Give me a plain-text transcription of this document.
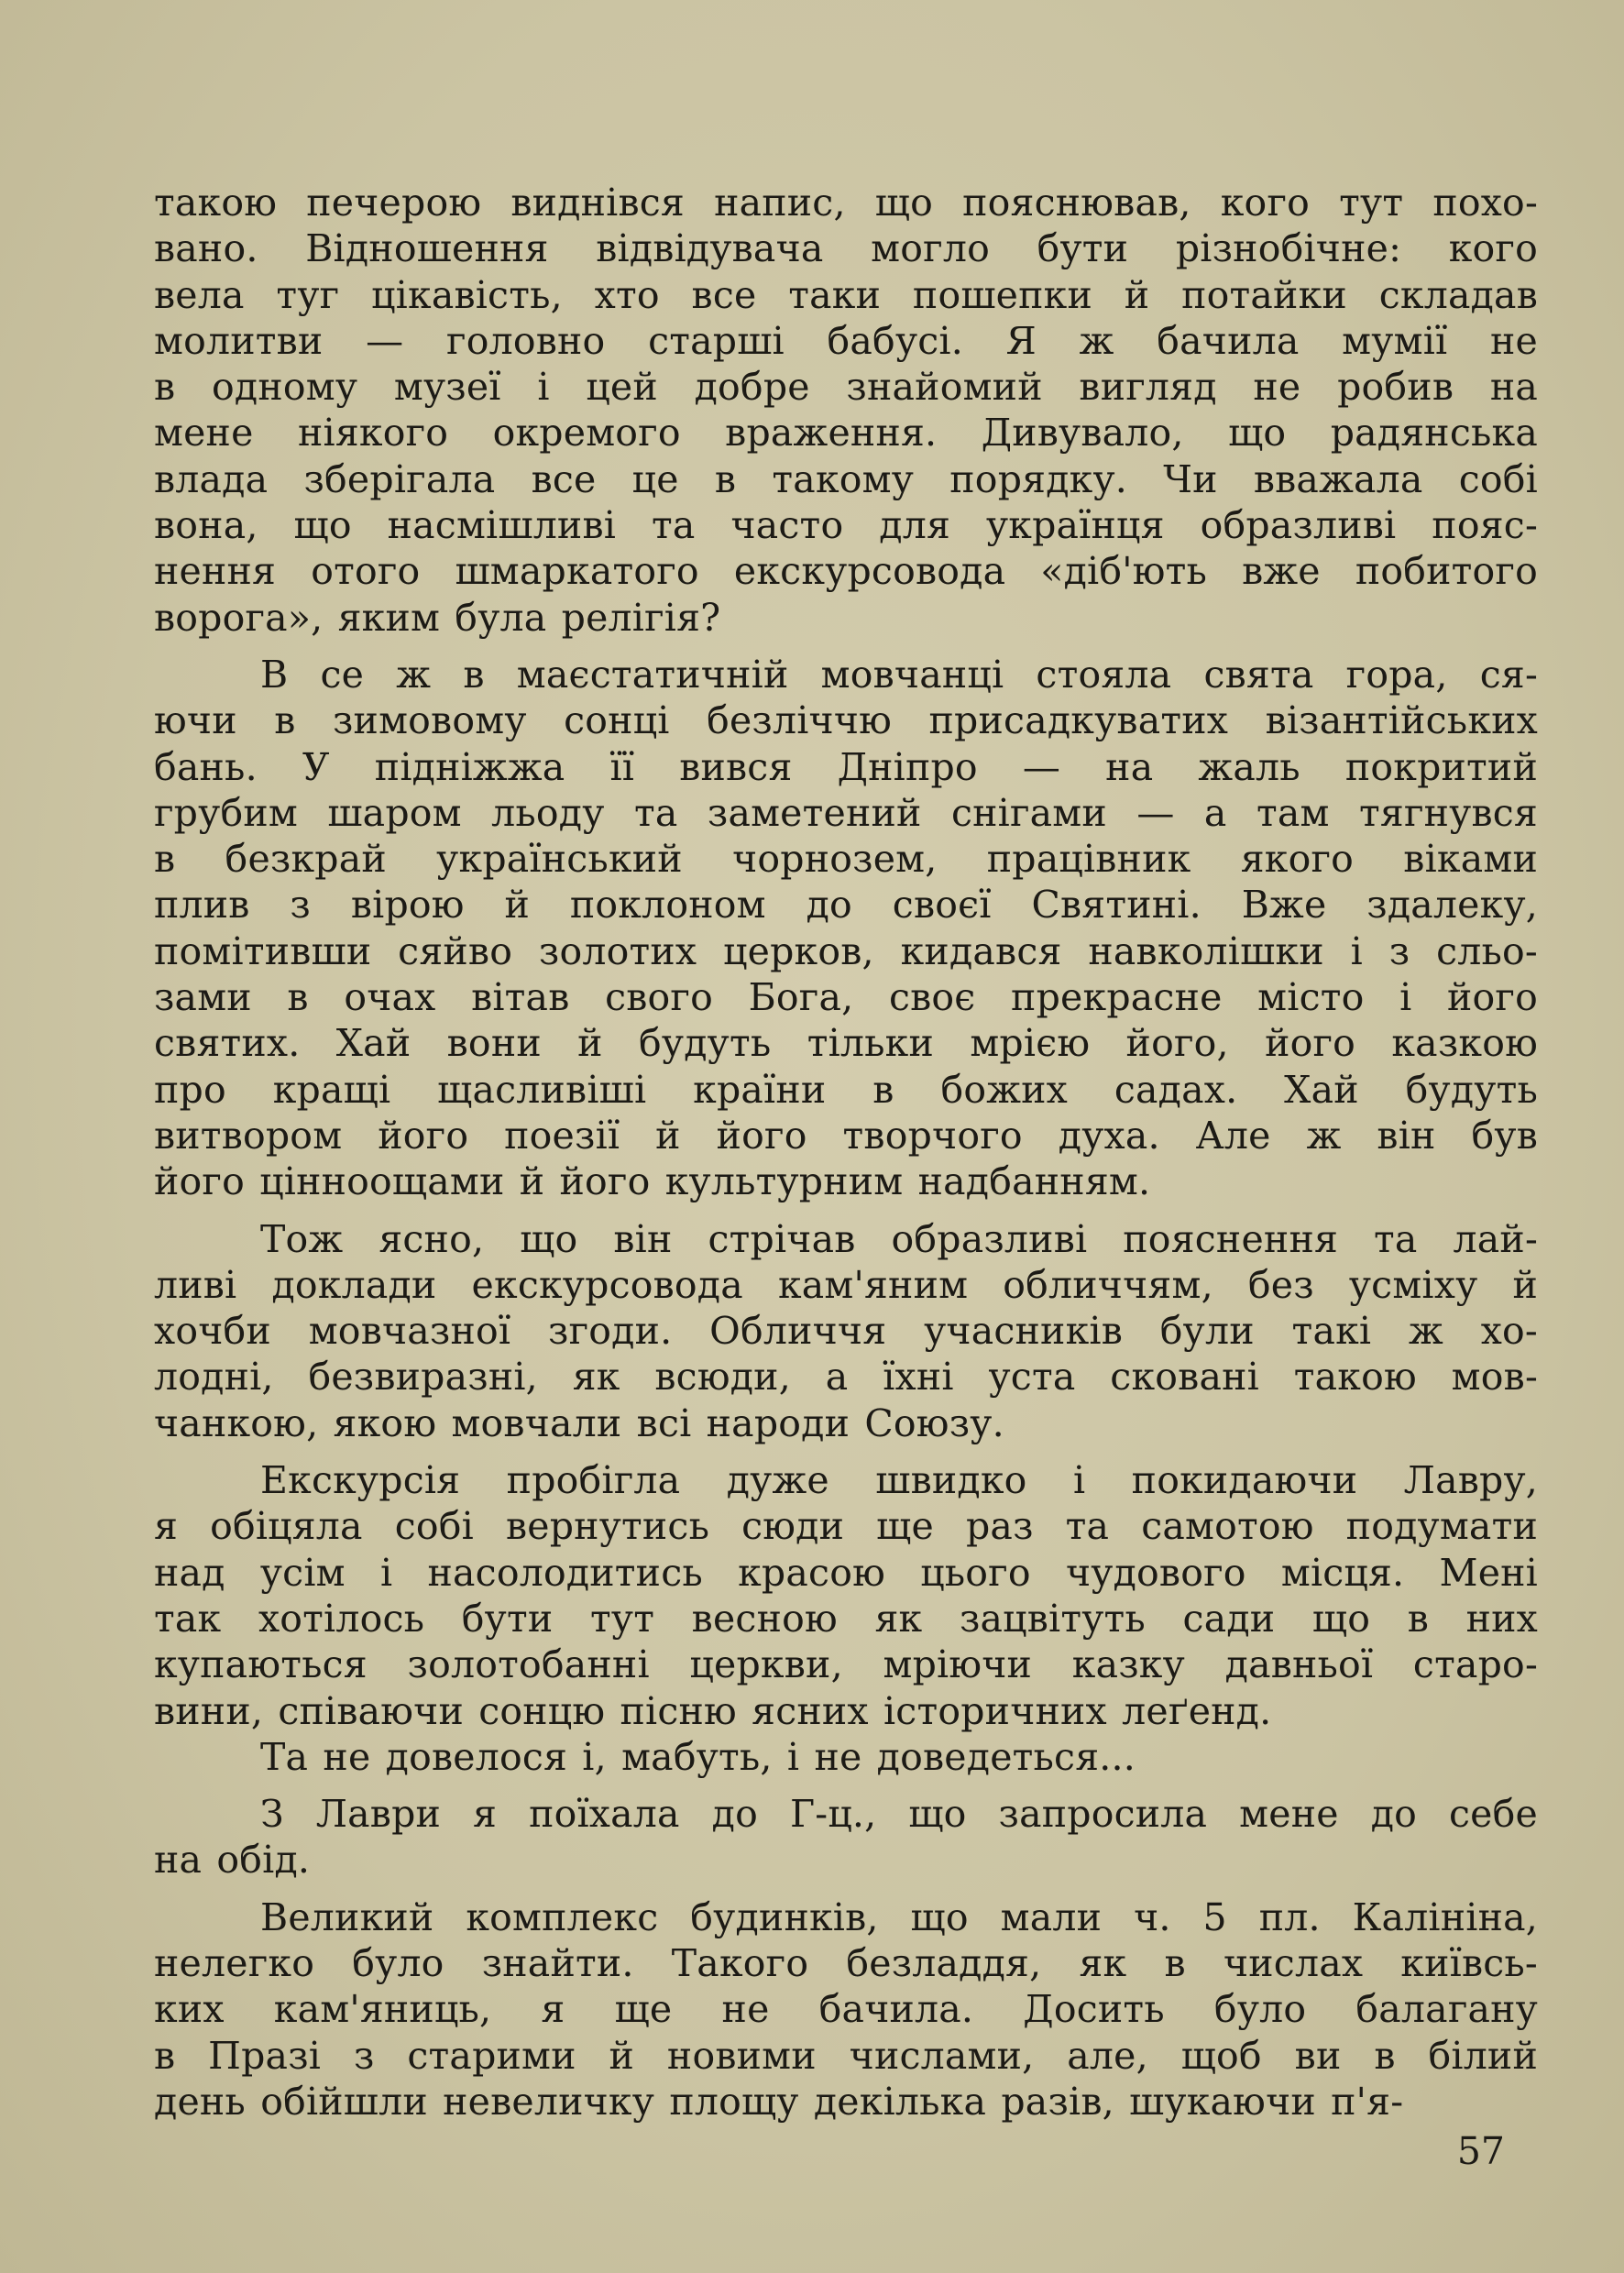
такою печерою виднівся напис, що пояснював, кого тут похо-
вано. Відношення відвідувача могло бути різнобічне: кого
вела туг цікавість, хто все таки пошепки й потайки складав
молитви — головно старші бабусі. Я ж бачила мумії не
в одному музеї і цей добре знайомий вигляд не робив на
мене ніякого окремого враження. Дивувало, що радянська
влада зберігала все це в такому порядку. Чи вважала собі
вона, що насмішливі та часто для українця образливі пояс-
нення отого шмаркатого екскурсовода «діб'ють вже побитого
ворога», яким була релігія?
В се ж в маєстатичній мовчанці стояла свята гора, ся-
ючи в зимовому сонці безліччю присадкуватих візантійських
бань. У підніжжа її вився Дніпро — на жаль покритий
грубим шаром льоду та заметений снігами — а там тягнувся
в безкрай український чорнозем, працівник якого віками
плив з вірою й поклоном до своєї Святині. Вже здалеку,
помітивши сяйво золотих церков, кидався навколішки і з сльо-
зами в очах вітав свого Бога, своє прекрасне місто і його
святих. Хай вони й будуть тільки мрією його, його казкою
про кращі щасливіші країни в божих садах. Хай будуть
витвором його поезії й його творчого духа. Але ж він був
його цінноощами й його культурним надбанням.
Тож ясно, що він стрічав образливі пояснення та лай-
ливі доклади екскурсовода кам'яним обличчям, без усміху й
хочби мовчазної згоди. Обличчя учасників були такі ж хо-
лодні, безвиразні, як всюди, а їхні уста сковані такою мов-
чанкою, якою мовчали всі народи Союзу.
Екскурсія пробігла дуже швидко і покидаючи Лавру,
я обіцяла собі вернутись сюди ще раз та самотою подумати
над усім і насолодитись красою цього чудового місця. Мені
так хотілось бути тут весною як зацвітуть сади що в них
купаються золотобанні церкви, мріючи казку давньої старо-
вини, співаючи сонцю пісню ясних історичних леґенд.
Та не довелося і, мабуть, і не доведеться...
З Лаври я поїхала до Г-ц., що запросила мене до себе
на обід.
Великий комплекс будинків, що мали ч. 5 пл. Калініна,
нелегко було знайти. Такого безладдя, як в числах київсь-
ких кам'яниць, я ще не бачила. Досить було балагану
в Празі з старими й новими числами, але, щоб ви в білий
день обійшли невеличку площу декілька разів, шукаючи п'я-
57
